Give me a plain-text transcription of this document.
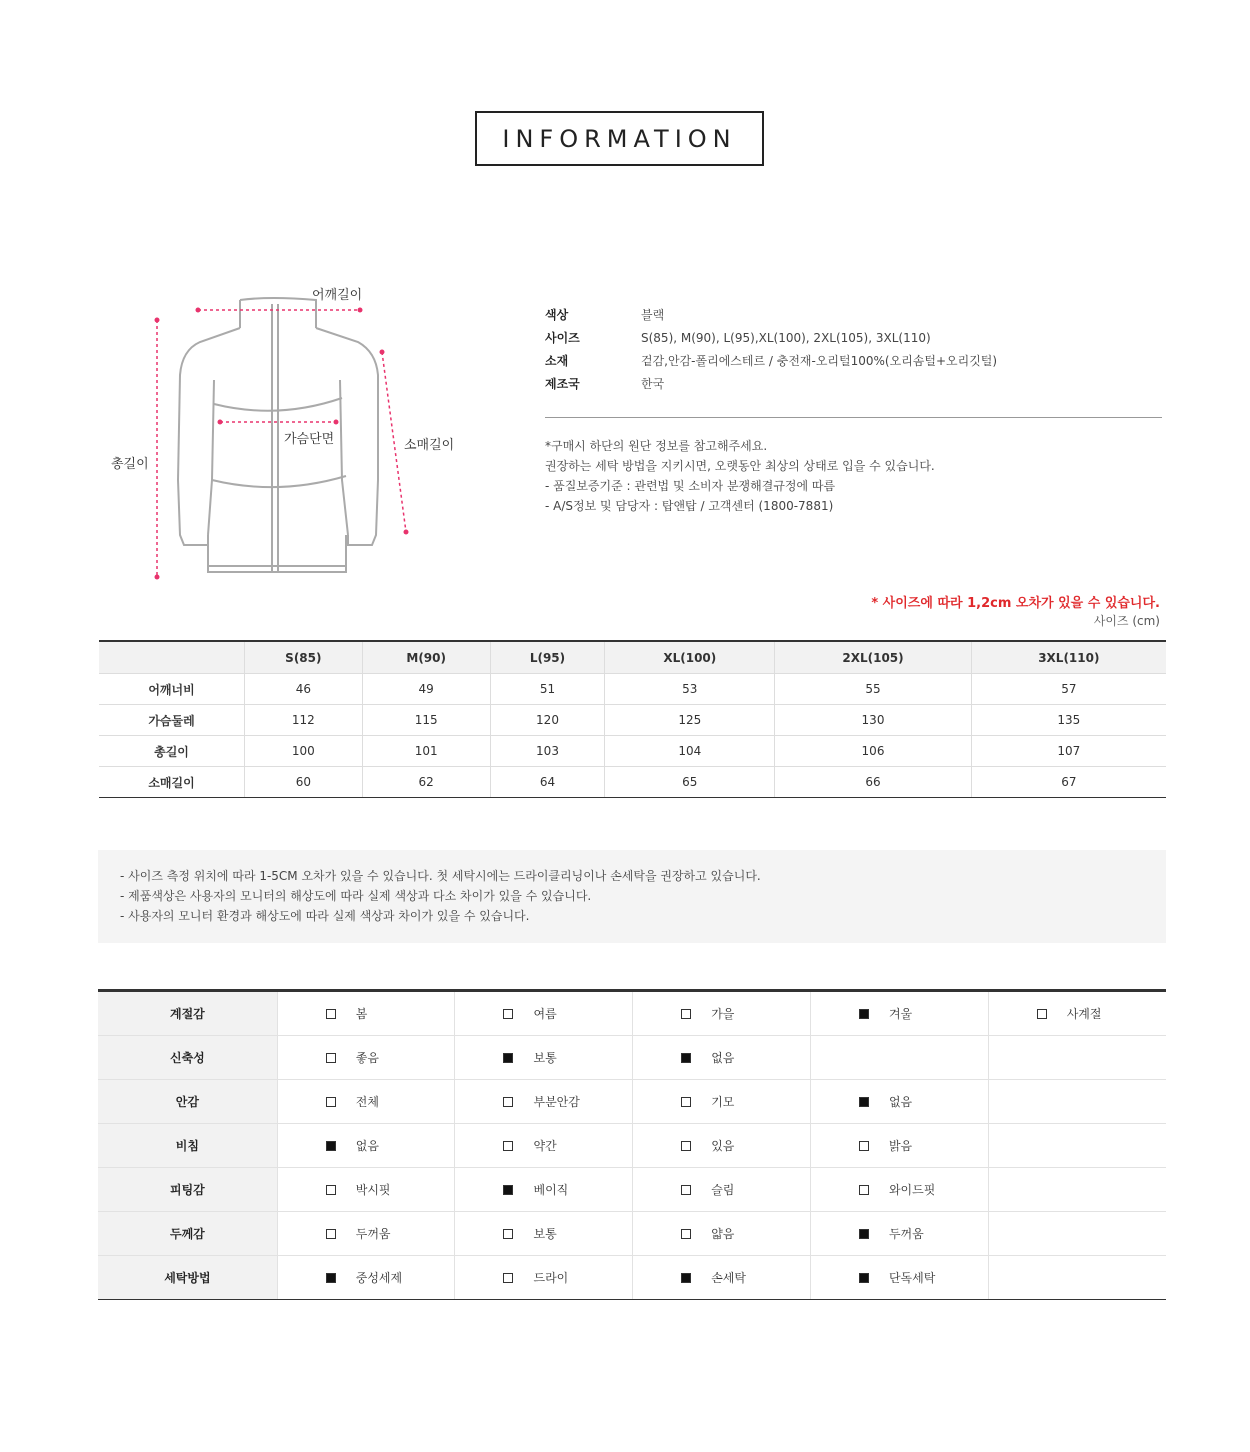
INFORMATION
어깨길이
가슴단면	소매길이
총길이
색상	블랙
사이즈	S(85), M(90), L(95),XL(100), 2XL(105), 3XL(110)
소재	겉감,안감-폴리에스테르 / 충전재-오리털100%(오리솜털+오리깃털)
제조국	한국
*구매시 하단의 원단 정보를 참고해주세요.
권장하는 세탁 방법을 지키시면, 오랫동안 최상의 상태로 입을 수 있습니다.
- 품질보증기준 : 관련법 및 소비자 분쟁해결규정에 따름
- A/S정보 및 담당자 : 탑앤탑 / 고객센터 (1800-7881)
* 사이즈에 따라 1,2cm 오차가 있을 수 있습니다.
사이즈 (cm)
	S(85)	M(90)	L(95)	XL(100)	2XL(105)	3XL(110)
어깨너비	46	49	51	53	55	57
가슴둘레	112	115	120	125	130	135
총길이	100	101	103	104	106	107
소매길이	60	62	64	65	66	67
- 사이즈 측정 위치에 따라 1-5CM 오차가 있을 수 있습니다. 첫 세탁시에는 드라이클리닝이나 손세탁을 권장하고 있습니다.
- 제품색상은 사용자의 모니터의 해상도에 따라 실제 색상과 다소 차이가 있을 수 있습니다.
- 사용자의 모니터 환경과 해상도에 따라 실제 색상과 차이가 있을 수 있습니다.
계절감	봄	여름	가을	겨울	사계절
신축성	좋음	보통	없음		
안감	전체	부분안감	기모	없음	
비침	없음	약간	있음	밝음	
피팅감	박시핏	베이직	슬림	와이드핏	
두께감	두꺼움	보통	얇음	두꺼움	
세탁방법	중성세제	드라이	손세탁	단독세탁	
